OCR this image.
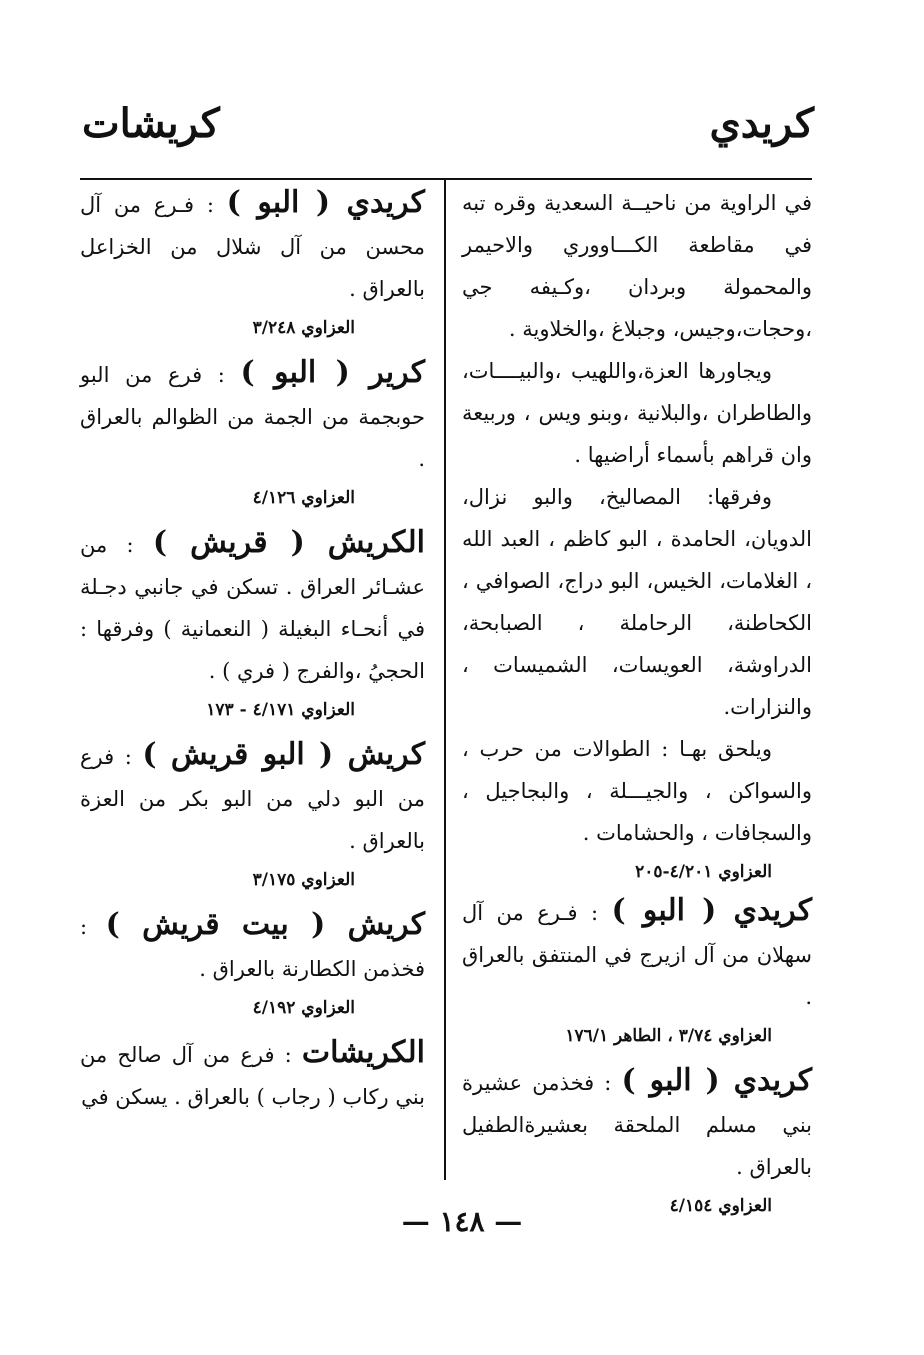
كريدي
كريشات

في الراوية من ناحيــة السعدية وقره تبه في مقاطعة الكـــاووري والاحيمر والمحمولة وبردان ،وكـيفه جي ،وحجات،وجيس، وجبلاغ ،والخلاوية .

ويجاورها العزة،واللهيب ،والبيــــات، والطاطران ،والبلانية ،وبنو ويس ، وربيعة وان قراهم بأسماء أراضيها .

وفرقها: المصاليخ، والبو نزال، الدويان، الحامدة ، البو كاظم ، العبد الله ، الغلامات، الخيس، البو دراج، الصوافي ، الكحاطنة، الرحاملة ، الصبابحة، الدراوشة، العويسات، الشميسات ، والنزارات.

ويلحق بهـا : الطوالات من حرب ، والسواكن ، والجيـــلة ، والبجاجيل ، والسجافات ، والحشامات .

العزاوي ٤/٢٠١-٢٠٥
كريدي ( البو ) : فـرع من آل سهلان من آل ازيرج في المنتفق بالعراق .
العزاوي ٣/٧٤ ، الطاهر ١٧٦/١
كريدي ( البو ) : فخذمن عشيرة بني مسلم الملحقة بعشيرةالطفيل بالعراق .
العزاوي ٤/١٥٤
كريدي ( البو ) : فـرع من آل محسن من آل شلال من الخزاعل بالعراق .
العزاوي ٣/٢٤٨
كرير ( البو ) : فرع من البو حوبجمة من الجمة من الظوالم بالعراق .
العزاوي ٤/١٢٦
الكريش ( قريش ) : من عشـائر العراق . تسكن في جانبي دجـلة في أنحـاء البغيلة ( النعمانية ) وفرقها : الحجيُ ،والفرج ( فري ) .
العزاوي ٤/١٧١ - ١٧٣
كريش ( البو قريش ) : فرع من البو دلي من البو بكر من العزة بالعراق .
العزاوي ٣/١٧٥
كريش ( بيت قريش ) : فخذمن الكطارنة بالعراق .
العزاوي ٤/١٩٢
الكريشات : فرع من آل صالح من بني ركاب ( رجاب ) بالعراق . يسكن في
— ١٤٨ —
